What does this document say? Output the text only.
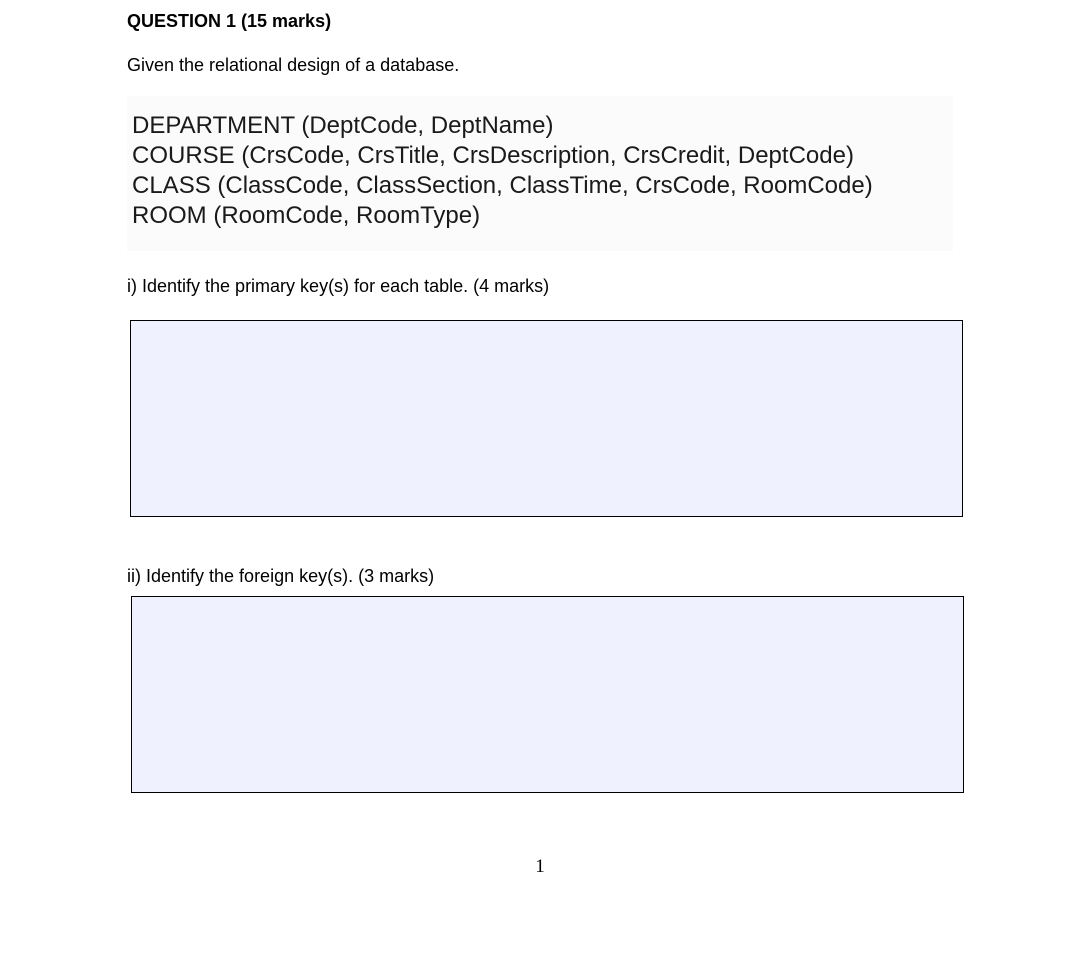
QUESTION 1 (15 marks)
Given the relational design of a database.
DEPARTMENT (DeptCode, DeptName)
COURSE (CrsCode, CrsTitle, CrsDescription, CrsCredit, DeptCode)
CLASS (ClassCode, ClassSection, ClassTime, CrsCode, RoomCode)
ROOM (RoomCode, RoomType)
i) Identify the primary key(s) for each table. (4 marks)
ii) Identify the foreign key(s). (3 marks)
1
